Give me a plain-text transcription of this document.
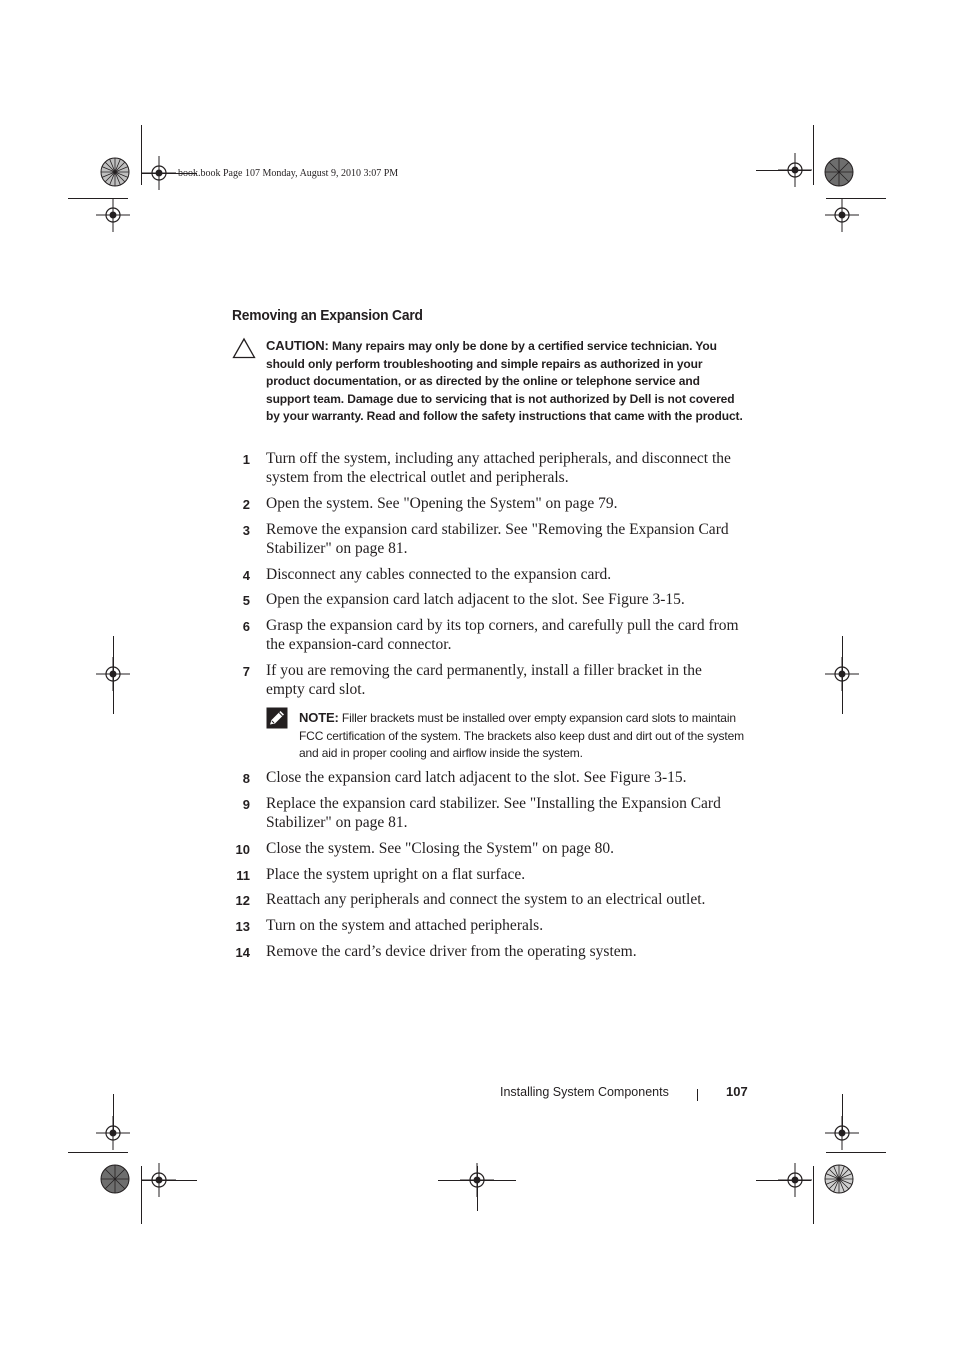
book.book Page 107 Monday, August 9, 2010 3:07 PM
Removing an Expansion Card
CAUTION: Many repairs may only be done by a certified service technician. You should only perform troubleshooting and simple repairs as authorized in your product documentation, or as directed by the online or telephone service and support team. Damage due to servicing that is not authorized by Dell is not covered by your warranty. Read and follow the safety instructions that came with the product.
1 Turn off the system, including any attached peripherals, and disconnect the system from the electrical outlet and peripherals.
2 Open the system. See "Opening the System" on page 79.
3 Remove the expansion card stabilizer. See "Removing the Expansion Card Stabilizer" on page 81.
4 Disconnect any cables connected to the expansion card.
5 Open the expansion card latch adjacent to the slot. See Figure 3-15.
6 Grasp the expansion card by its top corners, and carefully pull the card from the expansion-card connector.
7 If you are removing the card permanently, install a filler bracket in the empty card slot.
8 Close the expansion card latch adjacent to the slot. See Figure 3-15.
9 Replace the expansion card stabilizer. See "Installing the Expansion Card Stabilizer" on page 81.
10 Close the system. See "Closing the System" on page 80.
11 Place the system upright on a flat surface.
12 Reattach any peripherals and connect the system to an electrical outlet.
13 Turn on the system and attached peripherals.
14 Remove the card’s device driver from the operating system.
NOTE: Filler brackets must be installed over empty expansion card slots to maintain FCC certification of the system. The brackets also keep dust and dirt out of the system and aid in proper cooling and airflow inside the system.
Installing System Components	107
